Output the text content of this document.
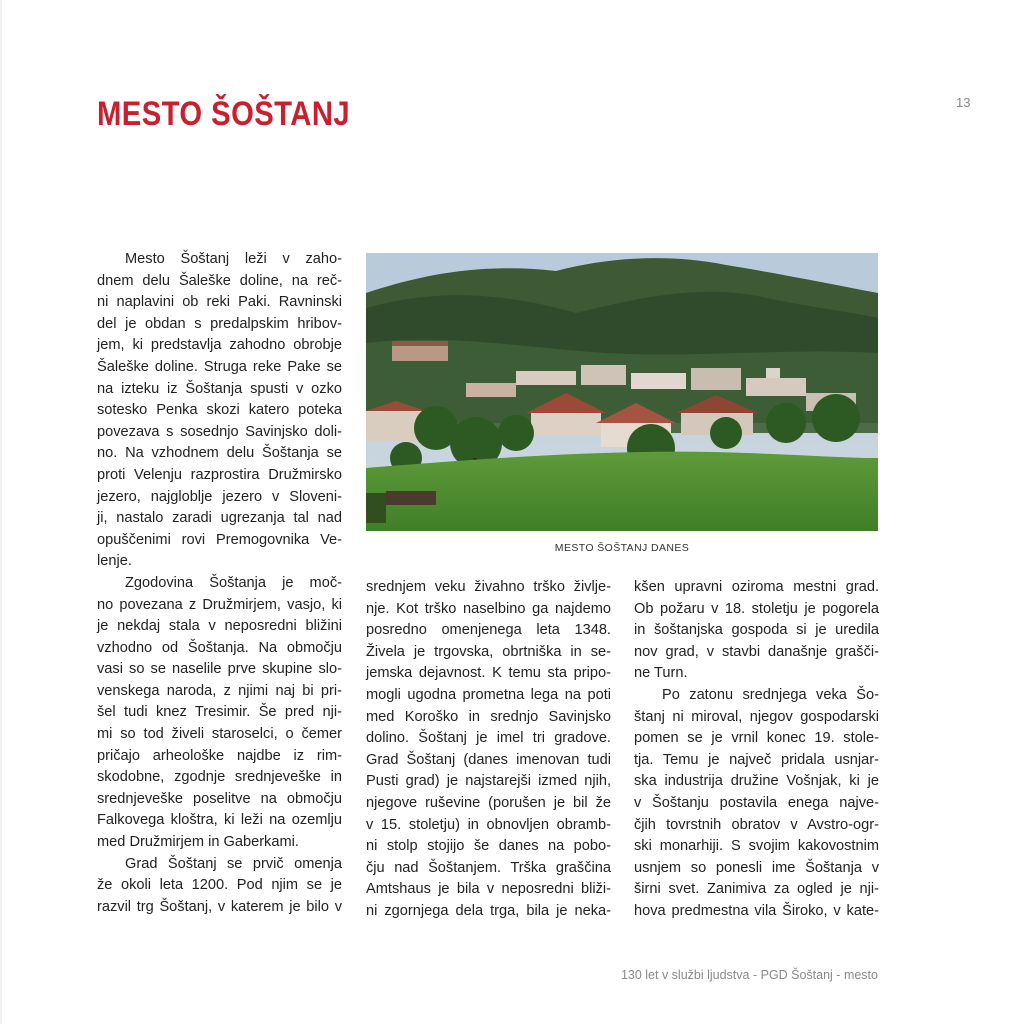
MESTO ŠOŠTANJ	13
Mesto Šoštanj leži v zaho-
dnem delu Šaleške doline, na reč-
ni naplavini ob reki Paki. Ravninski
del je obdan s predalpskim hribov-
jem, ki predstavlja zahodno obrobje
Šaleške doline. Struga reke Pake se
na izteku iz Šoštanja spusti v ozko
sotesko Penka skozi katero poteka
povezava s sosednjo Savinjsko doli-
no. Na vzhodnem delu Šoštanja se
proti Velenju razprostira Družmirsko
jezero, najgloblje jezero v Sloveni-
ji, nastalo zaradi ugrezanja tal nad
opuščenimi rovi Premogovnika Ve-
lenje.
Zgodovina Šoštanja je moč-
no povezana z Družmirjem, vasjo, ki
je nekdaj stala v neposredni bližini
vzhodno od Šoštanja. Na območju
vasi so se naselile prve skupine slo-
venskega naroda, z njimi naj bi pri-
šel tudi knez Tresimir. Še pred nji-
mi so tod živeli staroselci, o čemer
pričajo arheološke najdbe iz rim-
skodobne, zgodnje srednjeveške in
srednjeveške poselitve na območju
Falkovega kloštra, ki leži na ozemlju
med Družmirjem in Gaberkami.
Grad Šoštanj se prvič omenja
že okoli leta 1200. Pod njim se je
razvil trg Šoštanj, v katerem je bilo v

MESTO ŠOŠTANJ DANES

srednjem veku živahno trško življe-
nje. Kot trško naselbino ga najdemo
posredno omenjenega leta 1348.
Živela je trgovska, obrtniška in se-
jemska dejavnost. K temu sta pripo-
mogli ugodna prometna lega na poti
med Koroško in srednjo Savinjsko
dolino. Šoštanj je imel tri gradove.
Grad Šoštanj (danes imenovan tudi
Pusti grad) je najstarejši izmed njih,
njegove ruševine (porušen je bil že
v 15. stoletju) in obnovljen obramb-
ni stolp stojijo še danes na pobo-
čju nad Šoštanjem. Trška graščina
Amtshaus je bila v neposredni bliži-
ni zgornjega dela trga, bila je neka-
kšen upravni oziroma mestni grad.
Ob požaru v 18. stoletju je pogorela
in šoštanjska gospoda si je uredila
nov grad, v stavbi današnje grašči-
ne Turn.
Po zatonu srednjega veka Šo-
štanj ni miroval, njegov gospodarski
pomen se je vrnil konec 19. stole-
tja. Temu je največ pridala usnjar-
ska industrija družine Vošnjak, ki je
v Šoštanju postavila enega najve-
čjih tovrstnih obratov v Avstro-ogr-
ski monarhiji. S svojim kakovostnim
usnjem so ponesli ime Šoštanja v
širni svet. Zanimiva za ogled je nji-
hova predmestna vila Široko, v kate-
130 let v službi ljudstva - PGD Šoštanj - mesto
